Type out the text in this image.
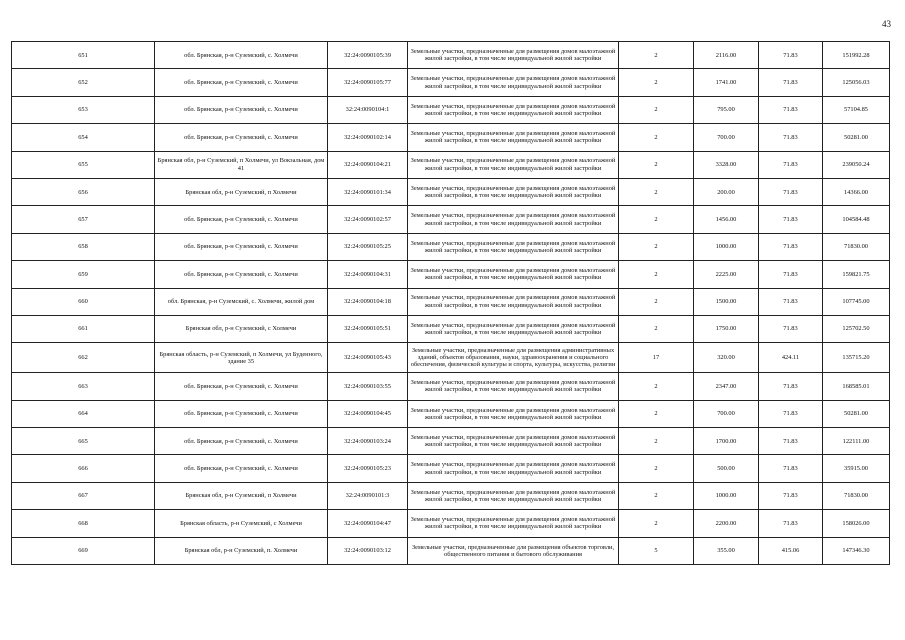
43
651	обл. Брянская, р-н Суземский, с. Холмечи	32:24:0090105:39	Земельные участки, предназначенные для размещения домов малоэтажной жилой застройки, в том числе индивидуальной жилой застройки	2	2116.00	71.83	151992.28
652	обл. Брянская, р-н Суземский, с. Холмечи	32:24:0090105:77	Земельные участки, предназначенные для размещения домов малоэтажной жилой застройки, в том числе индивидуальной жилой застройки	2	1741.00	71.83	125056.03
653	обл. Брянская, р-н Суземский, с. Холмечи	32:24:0090104:1	Земельные участки, предназначенные для размещения домов малоэтажной жилой застройки, в том числе индивидуальной жилой застройки	2	795.00	71.83	57104.85
654	обл. Брянская, р-н Суземский, с. Холмечи	32:24:0090102:14	Земельные участки, предназначенные для размещения домов малоэтажной жилой застройки, в том числе индивидуальной жилой застройки	2	700.00	71.83	50281.00
655	Брянская обл, р-н Суземский, п Холмечи, ул Вокзальная, дом 41	32:24:0090104:21	Земельные участки, предназначенные для размещения домов малоэтажной жилой застройки, в том числе индивидуальной жилой застройки	2	3328.00	71.83	239050.24
656	Брянская обл, р-н Суземский, п Холмечи	32:24:0090101:34	Земельные участки, предназначенные для размещения домов малоэтажной жилой застройки, в том числе индивидуальной жилой застройки	2	200.00	71.83	14366.00
657	обл. Брянская, р-н Суземский, с. Холмечи	32:24:0090102:57	Земельные участки, предназначенные для размещения домов малоэтажной жилой застройки, в том числе индивидуальной жилой застройки	2	1456.00	71.83	104584.48
658	обл. Брянская, р-н Суземский, с. Холмечи	32:24:0090105:25	Земельные участки, предназначенные для размещения домов малоэтажной жилой застройки, в том числе индивидуальной жилой застройки	2	1000.00	71.83	71830.00
659	обл. Брянская, р-н Суземский, с. Холмечи	32:24:0090104:31	Земельные участки, предназначенные для размещения домов малоэтажной жилой застройки, в том числе индивидуальной жилой застройки	2	2225.00	71.83	159821.75
660	обл. Брянская, р-н Суземский, с. Холмечи, жилой дом	32:24:0090104:18	Земельные участки, предназначенные для размещения домов малоэтажной жилой застройки, в том числе индивидуальной жилой застройки	2	1500.00	71.83	107745.00
661	Брянская обл, р-н Суземский, с Холмечи	32:24:0090105:51	Земельные участки, предназначенные для размещения домов малоэтажной жилой застройки, в том числе индивидуальной жилой застройки	2	1750.00	71.83	125702.50
662	Брянская область, р-н Суземский, п Холмечи, ул Буденного, здание 35	32:24:0090105:43	Земельные участки, предназначенные для размещения административных зданий, объектов образования, науки, здравоохранения и социального обеспечения, физической культуры и спорта, культуры, искусства, религии	17	320.00	424.11	135715.20
663	обл. Брянская, р-н Суземский, с. Холмечи	32:24:0090103:55	Земельные участки, предназначенные для размещения домов малоэтажной жилой застройки, в том числе индивидуальной жилой застройки	2	2347.00	71.83	168585.01
664	обл. Брянская, р-н Суземский, с. Холмечи	32:24:0090104:45	Земельные участки, предназначенные для размещения домов малоэтажной жилой застройки, в том числе индивидуальной жилой застройки	2	700.00	71.83	50281.00
665	обл. Брянская, р-н Суземский, с. Холмечи	32:24:0090103:24	Земельные участки, предназначенные для размещения домов малоэтажной жилой застройки, в том числе индивидуальной жилой застройки	2	1700.00	71.83	122111.00
666	обл. Брянская, р-н Суземский, с. Холмечи	32:24:0090105:23	Земельные участки, предназначенные для размещения домов малоэтажной жилой застройки, в том числе индивидуальной жилой застройки	2	500.00	71.83	35915.00
667	Брянская обл, р-н Суземский, п Холмечи	32:24:0090101:3	Земельные участки, предназначенные для размещения домов малоэтажной жилой застройки, в том числе индивидуальной жилой застройки	2	1000.00	71.83	71830.00
668	Брянская область, р-н Суземский, с Холмечи	32:24:0090104:47	Земельные участки, предназначенные для размещения домов малоэтажной жилой застройки, в том числе индивидуальной жилой застройки	2	2200.00	71.83	158026.00
669	Брянская обл, р-н Суземский, п. Холмечи	32:24:0090103:12	Земельные участки, предназначенные для размещения объектов торговли, общественного питания и бытового обслуживания	5	355.00	415.06	147346.30
